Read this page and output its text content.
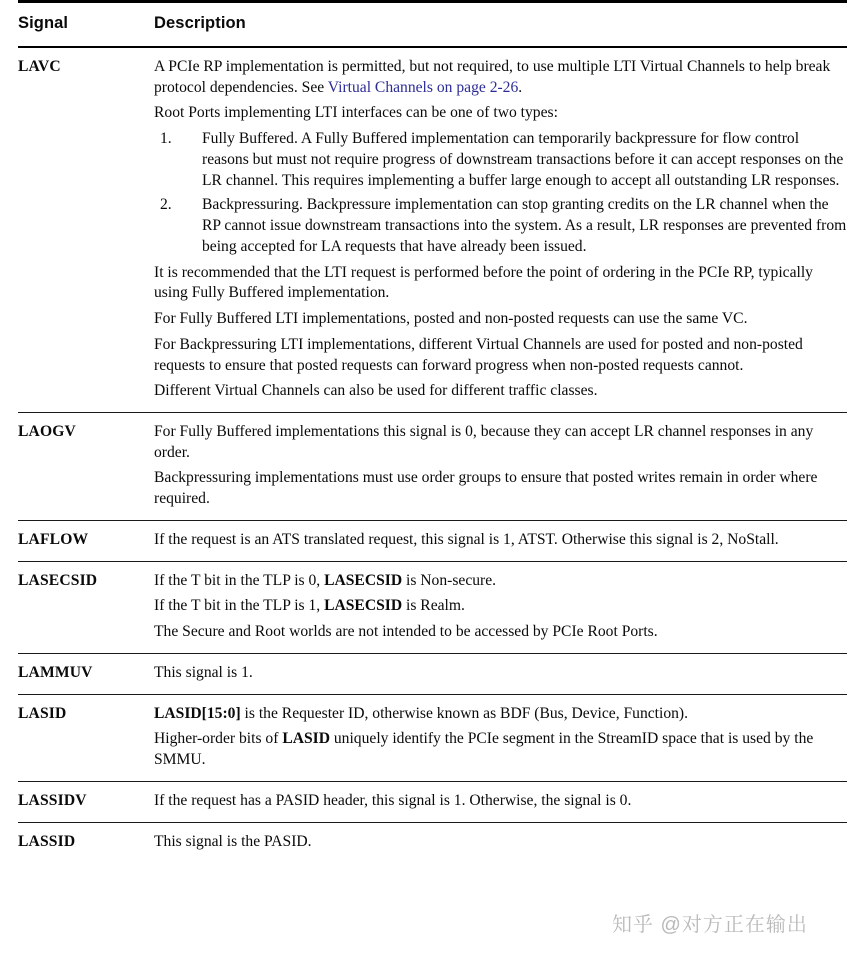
Signal	Description
LAVC	A PCIe RP implementation is permitted, but not required, to use multiple LTI Virtual Channels to help break protocol dependencies. See Virtual Channels on page 2-26.

Root Ports implementing LTI interfaces can be one of two types:

1. Fully Buffered. A Fully Buffered implementation can temporarily backpressure for flow control reasons but must not require progress of downstream transactions before it can accept responses on the LR channel. This requires implementing a buffer large enough to accept all outstanding LR responses.
2. Backpressuring. Backpressure implementation can stop granting credits on the LR channel when the RP cannot issue downstream transactions into the system. As a result, LR responses are prevented from being accepted for LA requests that have already been issued.

It is recommended that the LTI request is performed before the point of ordering in the PCIe RP, typically using Fully Buffered implementation.

For Fully Buffered LTI implementations, posted and non-posted requests can use the same VC.

For Backpressuring LTI implementations, different Virtual Channels are used for posted and non-posted requests to ensure that posted requests can forward progress when non-posted requests cannot.

Different Virtual Channels can also be used for different traffic classes.

LAOGV	For Fully Buffered implementations this signal is 0, because they can accept LR channel responses in any order.

Backpressuring implementations must use order groups to ensure that posted writes remain in order where required.

LAFLOW	If the request is an ATS translated request, this signal is 1, ATST. Otherwise this signal is 2, NoStall.

LASECSID	If the T bit in the TLP is 0, LASECSID is Non-secure.

If the T bit in the TLP is 1, LASECSID is Realm.

The Secure and Root worlds are not intended to be accessed by PCIe Root Ports.

LAMMUV	This signal is 1.

LASID	LASID[15:0] is the Requester ID, otherwise known as BDF (Bus, Device, Function).

Higher-order bits of LASID uniquely identify the PCIe segment in the StreamID space that is used by the SMMU.

LASSIDV	If the request has a PASID header, this signal is 1. Otherwise, the signal is 0.

LASSID	This signal is the PASID.

知乎 @对方正在输出
